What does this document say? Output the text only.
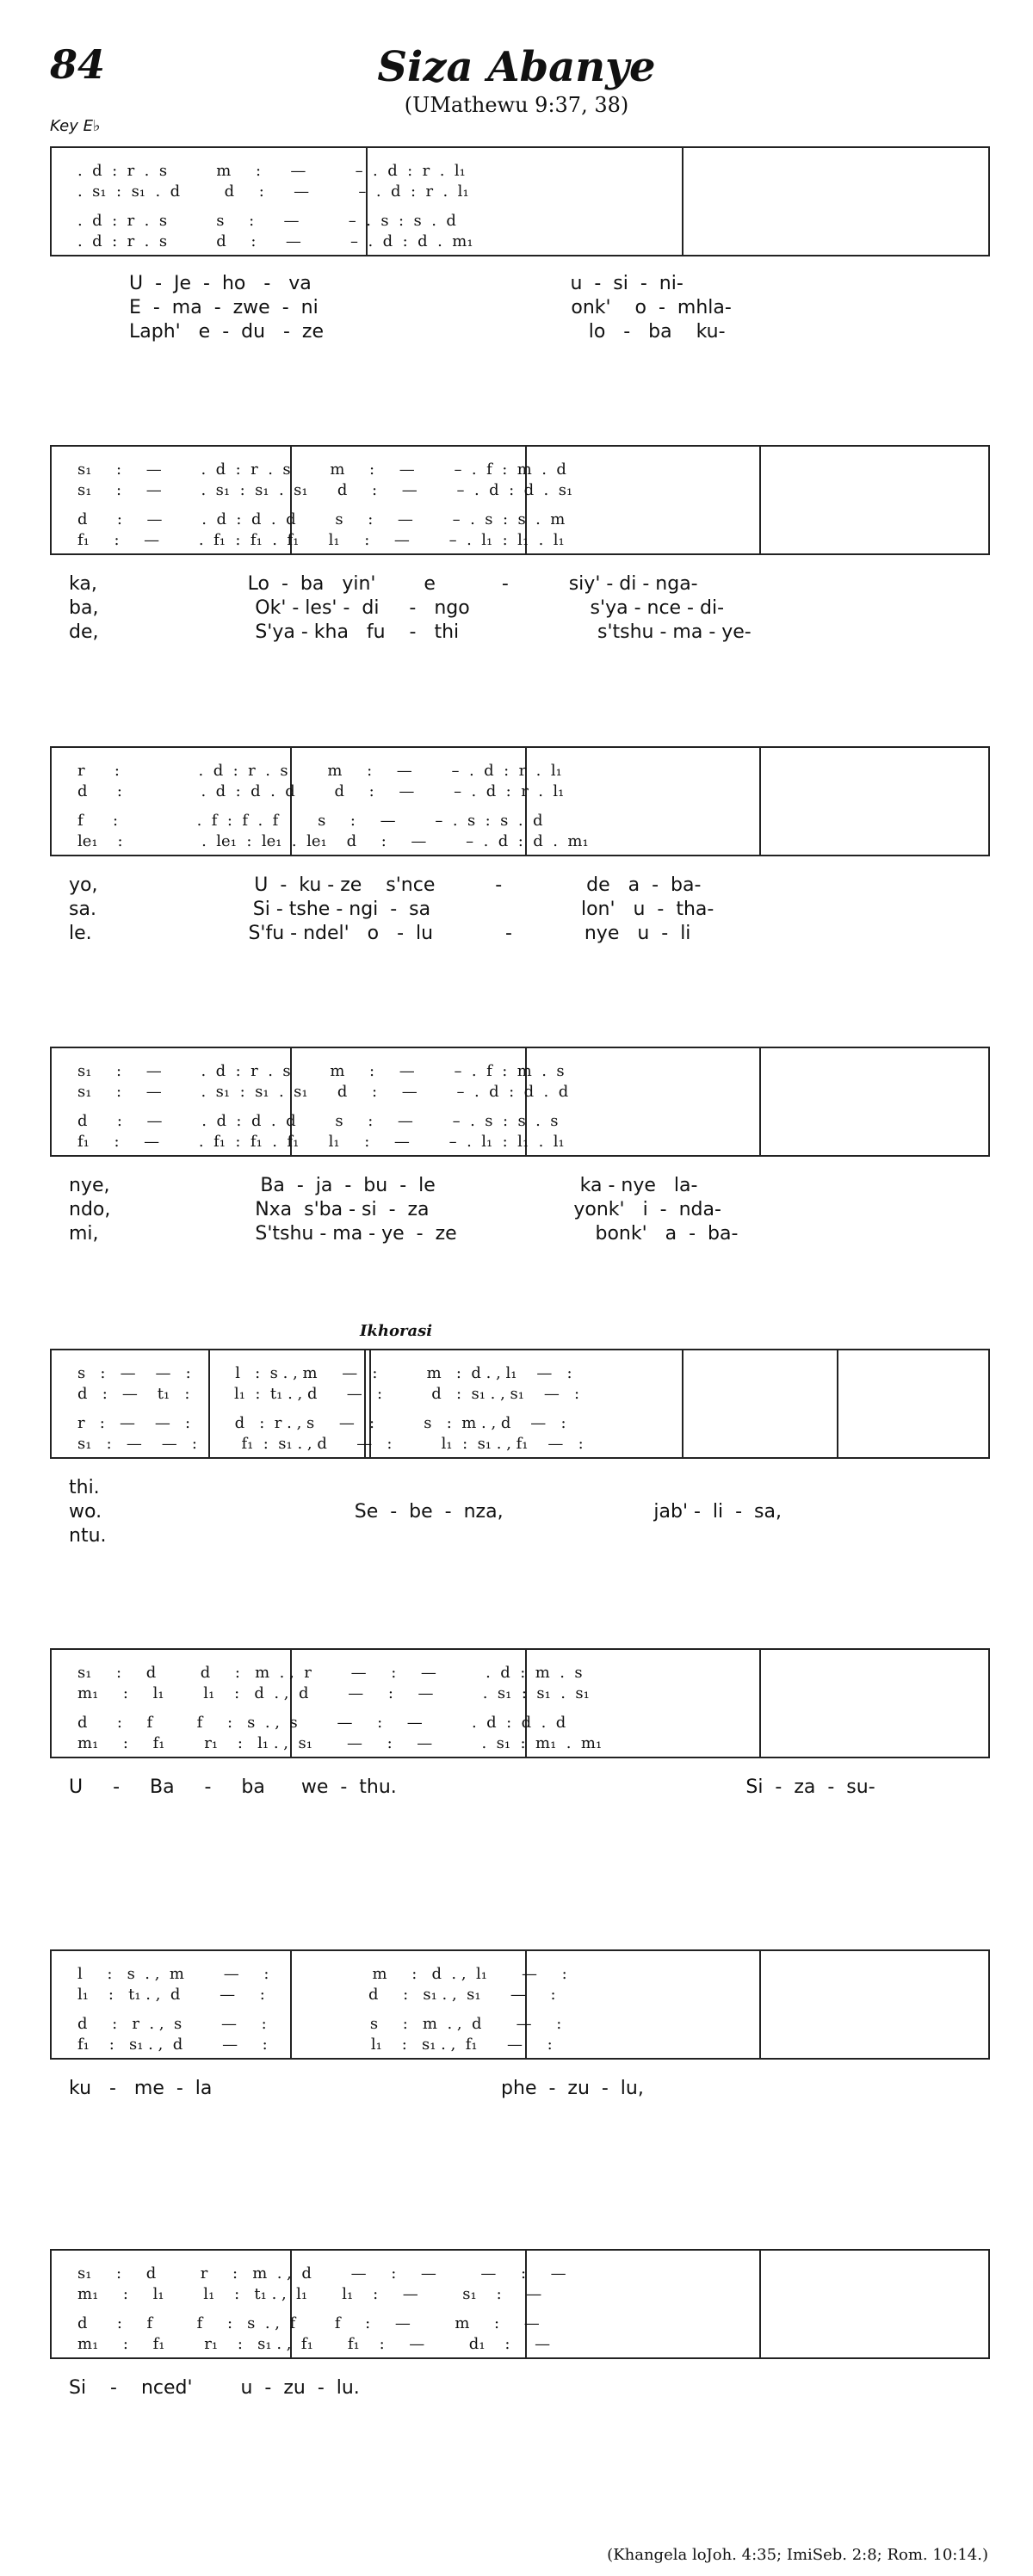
84	Siza Abanye
(UMathewu 9:37, 38)
Key E♭
.  d  :  r  .  s          m     :      —          –  .  d  :  r  .  l₁
.  s₁  :  s₁  .  d         d     :      —          –  .  d  :  r  .  l₁
.  d  :  r  .  s          s     :      —          –  .  s  :  s  .  d
.  d  :  r  .  s          d     :      —          –  .  d  :  d  .  m₁
U  -  Je  -  ho   -   va                                           u  -  si  -  ni-
E  -  ma  -  zwe  -  ni                                          onk'    o  -  mhla-
Laph'   e  -  du   -  ze                                            lo   -   ba    ku-
s₁     :     —        .  d  :  r  .  s        m     :     —        –  .  f  :  m  .  d
s₁     :     —        .  s₁  :  s₁  .  s₁      d     :     —        –  .  d  :  d  .  s₁
d      :     —        .  d  :  d  .  d        s     :     —        –  .  s  :  s  .  m
f₁     :     —        .  f₁  :  f₁  .  f₁      l₁     :     —        –  .  l₁  :  l₁  .  l₁
ka,                         Lo  -  ba   yin'        e           -          siy' - di - nga-
ba,                          Ok' - les' -  di     -   ngo                    s'ya - nce - di-
de,                          S'ya - kha   fu    -   thi                       s'tshu - ma - ye-
r      :                .  d  :  r  .  s        m     :     —        –  .  d  :  r  .  l₁
d      :                .  d  :  d  .  d        d     :     —        –  .  d  :  r  .  l₁
f      :                .  f  :  f  .  f        s     :     —        –  .  s  :  s  .  d
le₁    :                .  le₁  :  le₁  .  le₁    d     :     —        –  .  d  :  d  .  m₁
yo,                          U  -  ku - ze    s'nce          -              de   a  -  ba-
sa.                          Si - tshe - ngi  -  sa                         lon'   u  -  tha-
le.                          S'fu - ndel'   o   -  lu            -            nye   u  -  li
s₁     :     —        .  d  :  r  .  s        m     :     —        –  .  f  :  m  .  s
s₁     :     —        .  s₁  :  s₁  .  s₁      d     :     —        –  .  d  :  d  .  d
d      :     —        .  d  :  d  .  d        s     :     —        –  .  s  :  s  .  s
f₁     :     —        .  f₁  :  f₁  .  f₁      l₁     :     —        –  .  l₁  :  l₁  .  l₁
nye,                         Ba  -  ja  -  bu  -  le                        ka - nye   la-
ndo,                        Nxa  s'ba - si  -  za                        yonk'   i  -  nda-
mi,                          S'tshu - ma - ye  -  ze                       bonk'   a  -  ba-
Ikhorasi
s   :   —    —   :         l   :  s . , m     —   :          m   :  d . , l₁    —   :
d   :   —    t₁   :         l₁  :  t₁ . , d      —   :          d   :  s₁ . , s₁    —   :
r   :   —    —   :         d   :  r . , s     —   :          s   :  m . , d    —   :
s₁   :   —    —   :         f₁  :  s₁ . , d      —   :          l₁  :  s₁ . , f₁    —   :
thi.
wo.                                          Se  -  be  -  nza,                         jab' -  li  -  sa,
ntu.
s₁     :     d         d     :   m  . ,  r        —     :     —          .  d  :  m  .  s
m₁     :     l₁        l₁    :   d  . ,  d        —     :     —          .  s₁  :  s₁  .  s₁
d      :     f         f     :   s  . ,  s        —     :     —          .  d  :  d  .  d
m₁     :     f₁        r₁    :   l₁ . ,  s₁       —     :     —          .  s₁  :  m₁  .  m₁
U     -     Ba     -     ba      we  -  thu.                                                          Si  -  za  -  su-
l     :   s  . ,  m        —     :                     m     :   d  . ,  l₁       —     :
l₁    :   t₁ . ,  d        —     :                     d     :   s₁ . ,  s₁      —     :
d     :   r  . ,  s        —     :                     s     :   m  . ,  d       —     :
f₁    :   s₁ . ,  d        —     :                     l₁    :   s₁ . ,  f₁      —     :
ku   -   me  -  la                                                phe  -  zu  -  lu,
s₁     :     d         r     :   m  . ,  d        —     :     —         —     :     —
m₁     :     l₁        l₁    :   t₁ . ,  l₁       l₁    :     —         s₁    :     —
d      :     f         f     :   s  . ,  f        f     :     —         m     :     —
m₁     :     f₁        r₁    :   s₁ . ,  f₁       f₁    :     —         d₁    :     —
Si    -    nced'        u  -  zu  -  lu.
(Khangela loJoh. 4:35; ImiSeb. 2:8; Rom. 10:14.)
